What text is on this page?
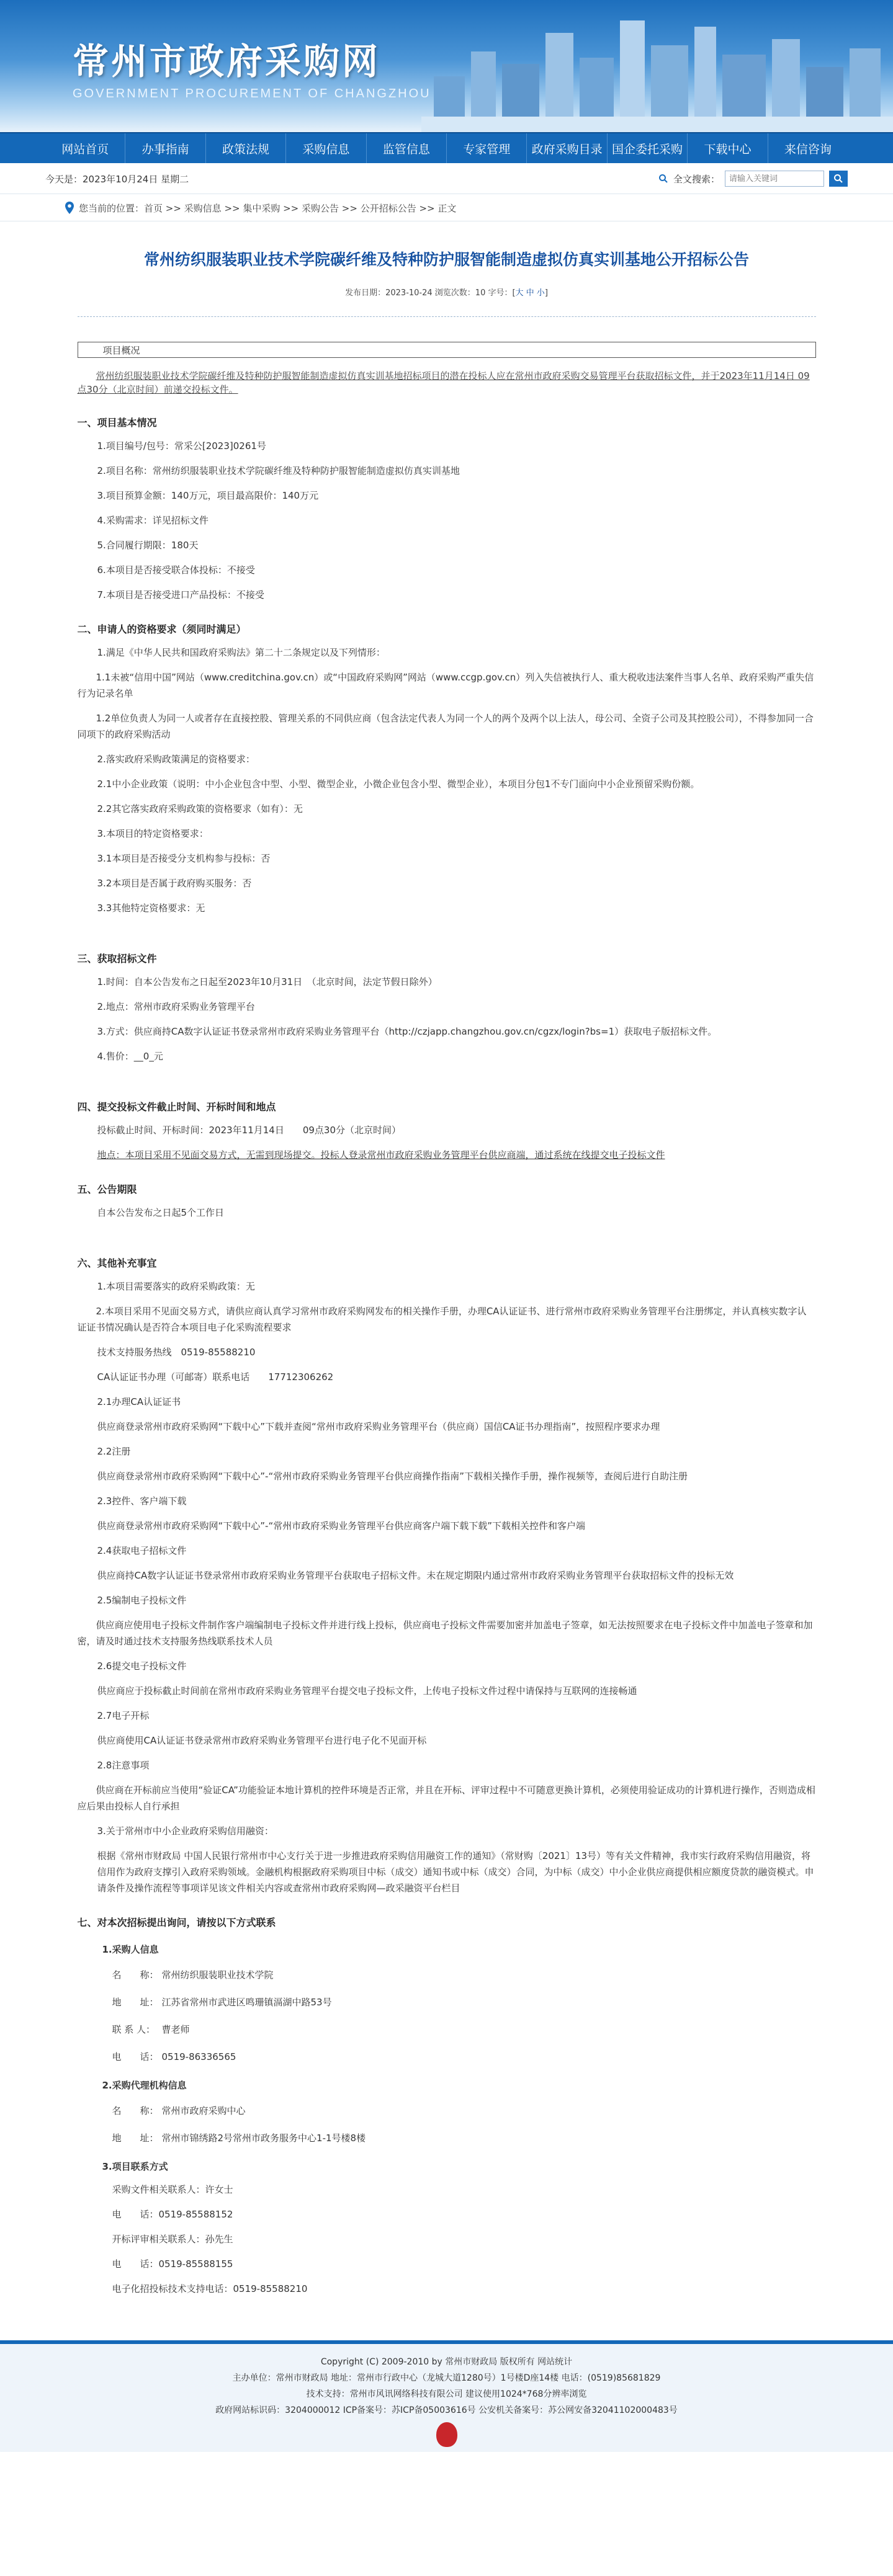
常州市政府采购网
GOVERNMENT PROCUREMENT OF CHANGZHOU
网站首页	办事指南	政策法规	采购信息	监管信息	专家管理	政府采购目录 国企委托采购	下载中心	来信咨询
今天是：2023年10月24日 星期二	全文搜索：
请输入关键词
您当前的位置：首页 >> 采购信息 >> 集中采购 >> 采购公告 >> 公开招标公告 >> 正文
常州纺织服装职业技术学院碳纤维及特种防护服智能制造虚拟仿真实训基地公开招标公告
发布日期：2023-10-24 浏览次数：10 字号：[大 中 小]
项目概况
常州纺织服装职业技术学院碳纤维及特种防护服智能制造虚拟仿真实训基地招标项目的潜在投标人应在常州市政府采购交易管理平台获取招标文件，并于2023年11月14日 09点30分（北京时间）前递交投标文件。
一、项目基本情况
1.项目编号/包号：常采公[2023]0261号
2.项目名称：常州纺织服装职业技术学院碳纤维及特种防护服智能制造虚拟仿真实训基地
3.项目预算金额：140万元，项目最高限价：140万元
4.采购需求：详见招标文件
5.合同履行期限：180天
6.本项目是否接受联合体投标：不接受
7.本项目是否接受进口产品投标：不接受
二、申请人的资格要求（须同时满足）
1.满足《中华人民共和国政府采购法》第二十二条规定以及下列情形：
1.1未被“信用中国”网站（www.creditchina.gov.cn）或“中国政府采购网”网站（www.ccgp.gov.cn）列入失信被执行人、重大税收违法案件当事人名单、政府采购严重失信行为记录名单
1.2单位负责人为同一人或者存在直接控股、管理关系的不同供应商（包含法定代表人为同一个人的两个及两个以上法人，母公司、全资子公司及其控股公司），不得参加同一合同项下的政府采购活动
2.落实政府采购政策满足的资格要求：
2.1中小企业政策（说明：中小企业包含中型、小型、微型企业，小微企业包含小型、微型企业），本项目分包1不专门面向中小企业预留采购份额。
2.2其它落实政府采购政策的资格要求（如有）：无
3.本项目的特定资格要求：
3.1本项目是否接受分支机构参与投标：否
3.2本项目是否属于政府购买服务：否
3.3其他特定资格要求：无
三、获取招标文件
1.时间：自本公告发布之日起至2023年10月31日　（北京时间，法定节假日除外）
2.地点：常州市政府采购业务管理平台
3.方式：供应商持CA数字认证证书登录常州市政府采购业务管理平台（http://czjapp.changzhou.gov.cn/cgzx/login?bs=1）获取电子版招标文件。
4.售价：__0_元
四、提交投标文件截止时间、开标时间和地点
投标截止时间、开标时间：2023年11月14日　　09点30分（北京时间）
地点：本项目采用不见面交易方式，无需到现场提交。投标人登录常州市政府采购业务管理平台供应商端，通过系统在线提交电子投标文件
五、公告期限
自本公告发布之日起5个工作日
六、其他补充事宜
1.本项目需要落实的政府采购政策：无
2.本项目采用不见面交易方式，请供应商认真学习常州市政府采购网发布的相关操作手册，办理CA认证证书、进行常州市政府采购业务管理平台注册绑定，并认真核实数字认证证书情况确认是否符合本项目电子化采购流程要求
技术支持服务热线　0519-85588210
CA认证证书办理（可邮寄）联系电话　　17712306262
2.1办理CA认证证书
供应商登录常州市政府采购网“下载中心”下载并查阅“常州市政府采购业务管理平台（供应商）国信CA证书办理指南”，按照程序要求办理
2.2注册
供应商登录常州市政府采购网“下载中心”-“常州市政府采购业务管理平台供应商操作指南”下载相关操作手册，操作视频等，查阅后进行自助注册
2.3控件、客户端下载
供应商登录常州市政府采购网“下载中心”-“常州市政府采购业务管理平台供应商客户端下载下载”下载相关控件和客户端
2.4获取电子招标文件
供应商持CA数字认证证书登录常州市政府采购业务管理平台获取电子招标文件。未在规定期限内通过常州市政府采购业务管理平台获取招标文件的投标无效
2.5编制电子投标文件
供应商应使用电子投标文件制作客户端编制电子投标文件并进行线上投标，供应商电子投标文件需要加密并加盖电子签章，如无法按照要求在电子投标文件中加盖电子签章和加密，请及时通过技术支持服务热线联系技术人员
2.6提交电子投标文件
供应商应于投标截止时间前在常州市政府采购业务管理平台提交电子投标文件，上传电子投标文件过程中请保持与互联网的连接畅通
2.7电子开标
供应商使用CA认证证书登录常州市政府采购业务管理平台进行电子化不见面开标
2.8注意事项
供应商在开标前应当使用“验证CA”功能验证本地计算机的控件环境是否正常，并且在开标、评审过程中不可随意更换计算机，必须使用验证成功的计算机进行操作，否则造成相应后果由投标人自行承担
3.关于常州市中小企业政府采购信用融资：
根据《常州市财政局 中国人民银行常州市中心支行关于进一步推进政府采购信用融资工作的通知》（常财购〔2021〕13号）等有关文件精神，我市实行政府采购信用融资，将信用作为政府支撑引入政府采购领域。金融机构根据政府采购项目中标（成交）通知书或中标（成交）合同，为中标（成交）中小企业供应商提供相应额度贷款的融资模式。申请条件及操作流程等事项详见该文件相关内容或查常州市政府采购网—政采融资平台栏目
七、对本次招标提出询问，请按以下方式联系
1.采购人信息
名　　称： 常州纺织服装职业技术学院
地　　址： 江苏省常州市武进区鸣珊镇滆湖中路53号
联 系 人： 曹老师
电　　话： 0519-86336565
2.采购代理机构信息
名　　称： 常州市政府采购中心
地　　址： 常州市锦绣路2号常州市政务服务中心1-1号楼8楼
3.项目联系方式
采购文件相关联系人：许女士
电　　话：0519-85588152
开标评审相关联系人：孙先生
电　　话：0519-85588155
电子化招投标技术支持电话：0519-85588210
Copyright (C) 2009-2010 by 常州市财政局 版权所有 网站统计
主办单位：常州市财政局 地址：常州市行政中心（龙城大道1280号）1号楼D座14楼 电话：(0519)85681829
技术支持：常州市风讯网络科技有限公司 建议使用1024*768分辨率浏览
政府网站标识码：3204000012 ICP备案号：苏ICP备05003616号 公安机关备案号：苏公网安备32041102000483号
